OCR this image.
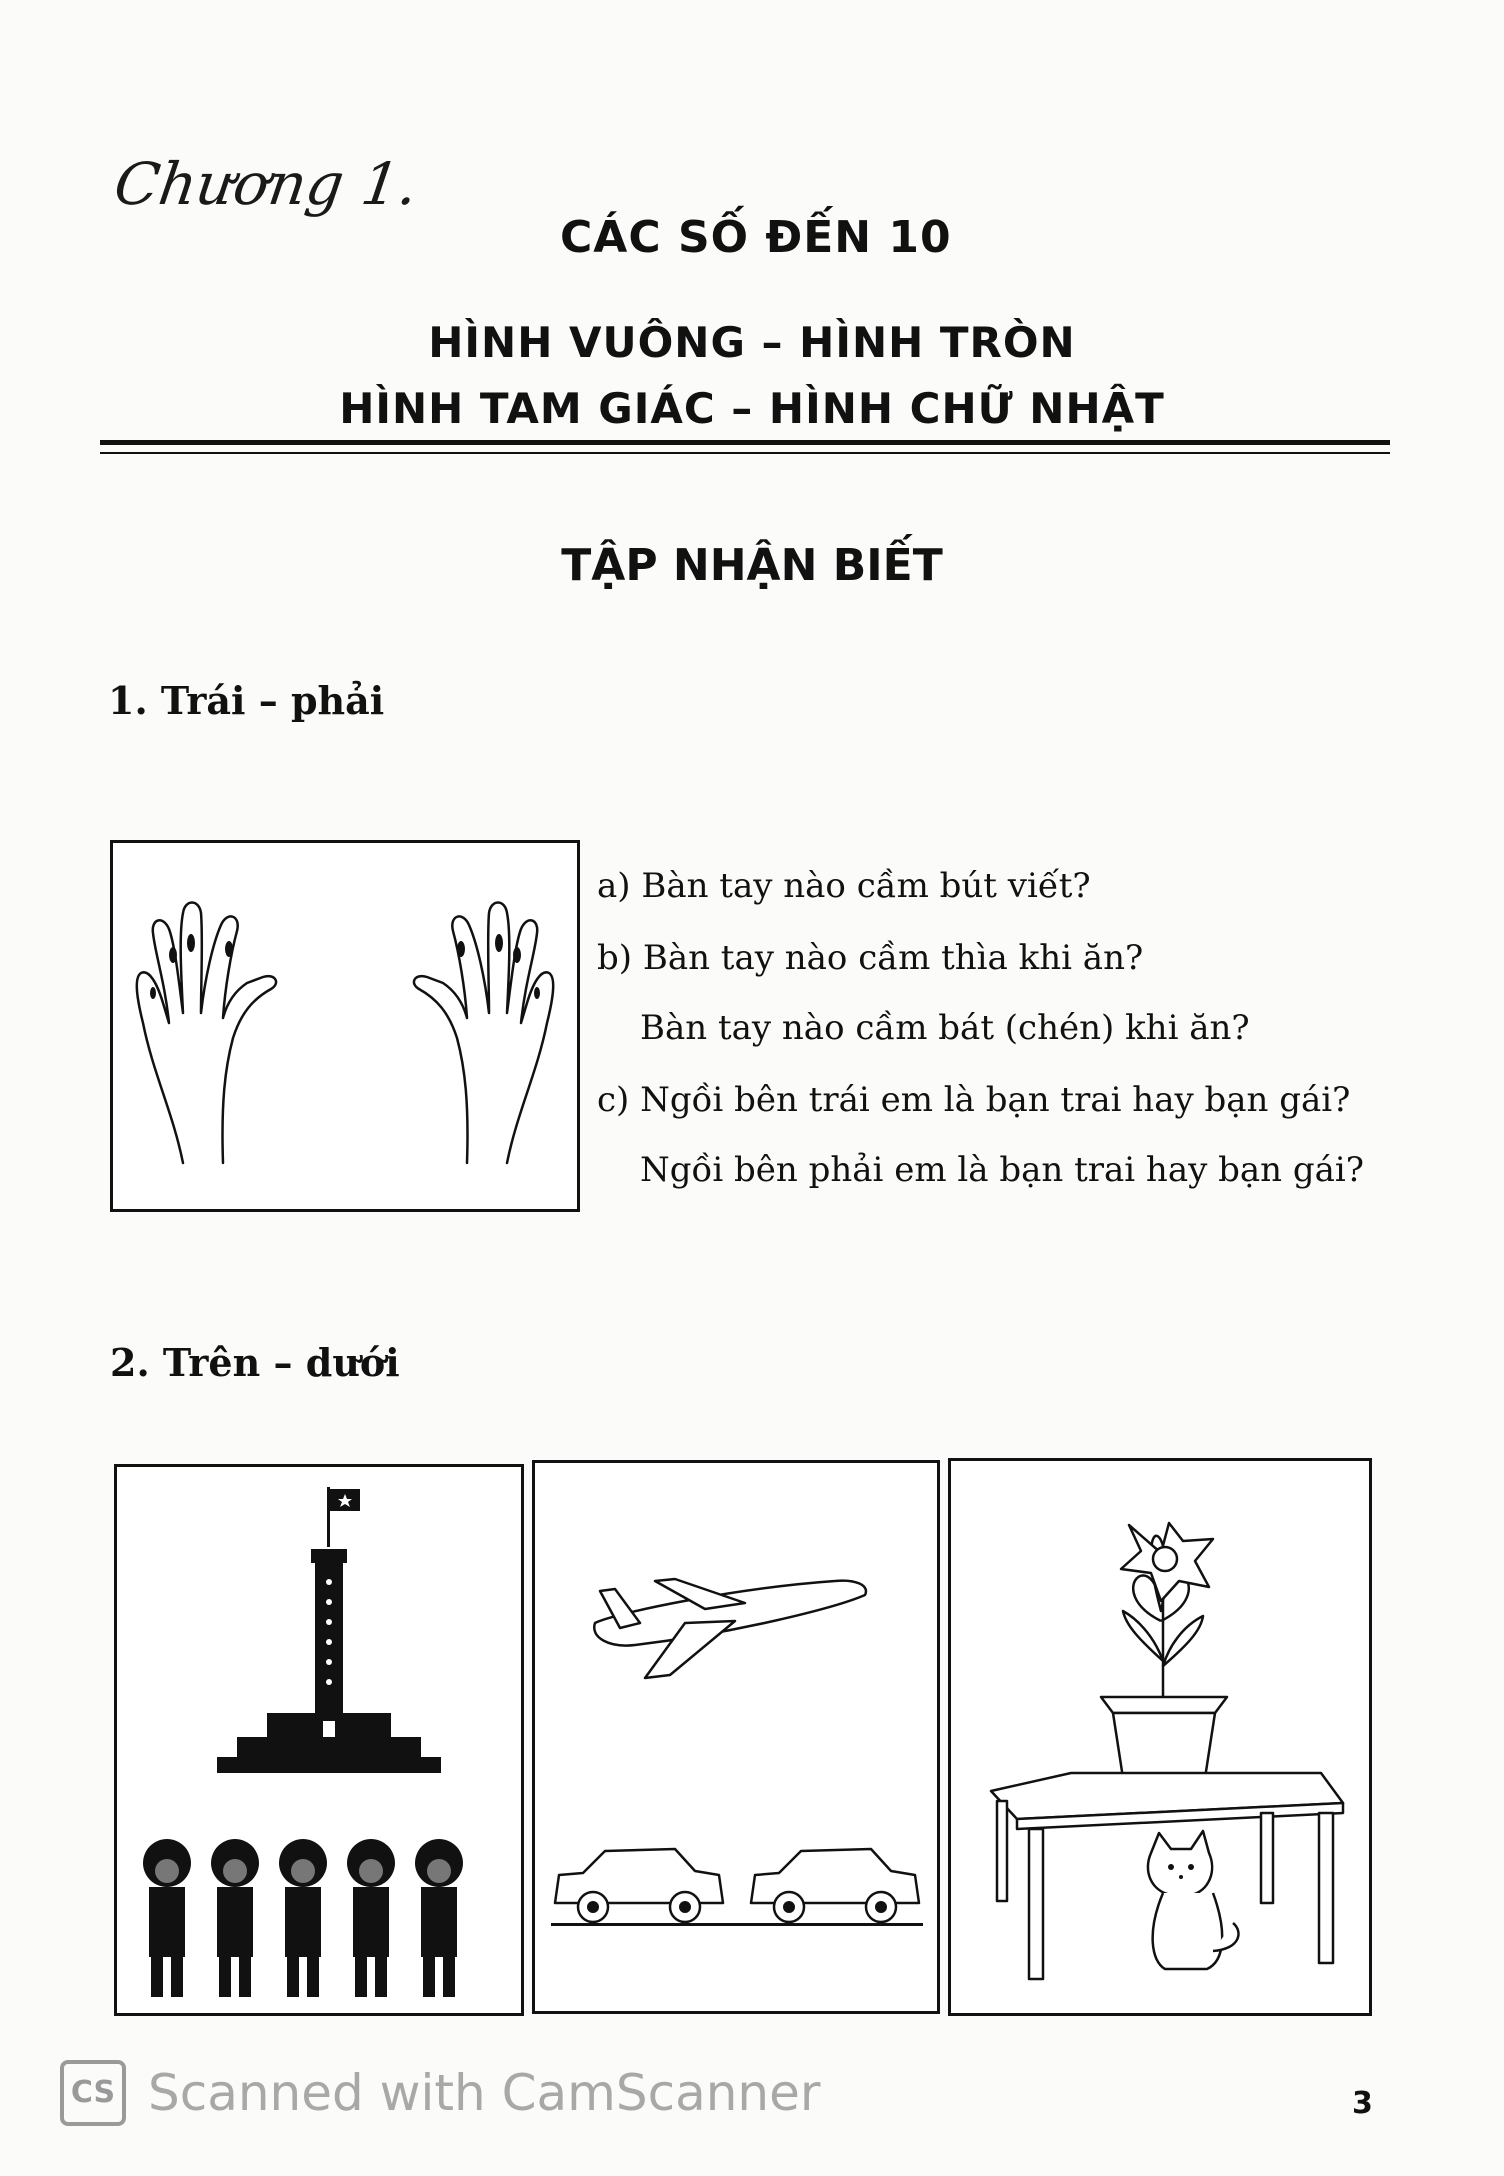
Chương 1.
CÁC SỐ ĐẾN 10
HÌNH VUÔNG – HÌNH TRÒN
HÌNH TAM GIÁC – HÌNH CHỮ NHẬT
TẬP NHẬN BIẾT
1. Trái – phải
a) Bàn tay nào cầm bút viết?
b) Bàn tay nào cầm thìa khi ăn?
Bàn tay nào cầm bát (chén) khi ăn?
c) Ngồi bên trái em là bạn trai hay bạn gái?
Ngồi bên phải em là bạn trai hay bạn gái?
2. Trên – dưới
CS Scanned with CamScanner	3
